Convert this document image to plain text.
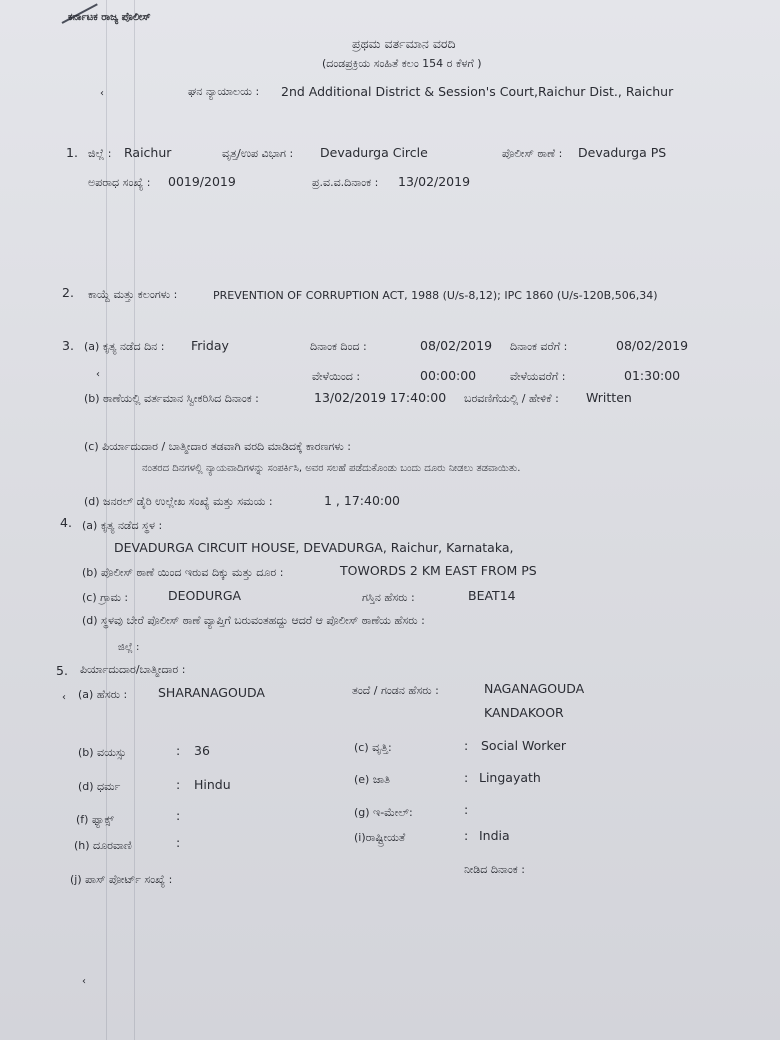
ಕರ್ನಾಟಕ ರಾಜ್ಯ ಪೊಲೀಸ್
ಪ್ರಥಮ ವರ್ತಮಾನ ವರದಿ
(ದಂಡಪ್ರಕ್ರಿಯ ಸಂಹಿತೆ ಕಲಂ 154 ರ ಕೆಳಗೆ )
‹	ಘನ ನ್ಯಾಯಾಲಯ : 2nd Additional District & Session's Court,Raichur Dist., Raichur
1. ಜಿಲ್ಲೆ : Raichur	ವೃತ್ತ/ಉಪ ವಿಭಾಗ : Devadurga Circle	ಪೊಲೀಸ್ ಠಾಣೆ : Devadurga PS
ಅಪರಾಧ ಸಂಖ್ಯೆ : 0019/2019	ಪ್ರ.ವ.ವ.ದಿನಾಂಕ : 13/02/2019
2. ಕಾಯ್ದೆ ಮತ್ತು ಕಲಂಗಳು :	PREVENTION OF CORRUPTION ACT, 1988 (U/s-8,12); IPC 1860 (U/s-120B,506,34)
3. (a) ಕೃತ್ಯ ನಡೆದ ದಿನ : Friday	ದಿನಾಂಕ ದಿಂದ :	08/02/2019 ದಿನಾಂಕ ವರೆಗೆ :	08/02/2019
‹	ವೇಳೆಯಿಂದ :	00:00:00	ವೇಳೆಯವರೆಗೆ :	01:30:00
(b) ಠಾಣೆಯಲ್ಲಿ ವರ್ತಮಾನ ಸ್ವೀಕರಿಸಿದ ದಿನಾಂಕ :	13/02/2019 17:40:00 ಬರವಣಿಗೆಯಲ್ಲಿ / ಹೇಳಿಕೆ : Written
(c) ಪಿರ್ಯಾದುದಾರ / ಬಾತ್ಮೀದಾರ ತಡವಾಗಿ ವರದಿ ಮಾಡಿದಕ್ಕೆ ಕಾರಣಗಳು :
ನಂತರದ ದಿನಗಳಲ್ಲಿ ನ್ಯಾಯವಾದಿಗಳನ್ನು ಸಂಪರ್ಕಿಸಿ, ಅವರ ಸಲಹೆ ಪಡೆದುಕೊಂಡು ಬಂದು ದೂರು ನೀಡಲು ತಡವಾಯಿತು.
(d) ಜನರಲ್ ಡೈರಿ ಉಲ್ಲೇಖ ಸಂಖ್ಯೆ ಮತ್ತು ಸಮಯ :	1 , 17:40:00
4. (a) ಕೃತ್ಯ ನಡೆದ ಸ್ಥಳ :
DEVADURGA CIRCUIT HOUSE, DEVADURGA, Raichur, Karnataka,
(b) ಪೊಲೀಸ್ ಠಾಣೆ ಯಿಂದ ಇರುವ ದಿಕ್ಕು ಮತ್ತು ದೂರ :	TOWORDS 2 KM EAST FROM PS
(c) ಗ್ರಾಮ :	DEODURGA	ಗಸ್ತಿನ ಹೆಸರು :	BEAT14
(d) ಸ್ಥಳವು ಬೇರೆ ಪೊಲೀಸ್ ಠಾಣೆ ವ್ಯಾಪ್ತಿಗೆ ಬರುವಂತಹದ್ದು ಆದರೆ ಆ ಪೊಲೀಸ್ ಠಾಣೆಯ ಹೆಸರು :
ಜಿಲ್ಲೆ :
5. ಪಿರ್ಯಾದುದಾರ/ಬಾತ್ಮೀದಾರ :
‹ (a) ಹೆಸರು : SHARANAGOUDA	ತಂದೆ / ಗಂಡನ ಹೆಸರು :	NAGANAGOUDA
KANDAKOOR
(b) ವಯಸ್ಸು	: 36	(c) ವೃತ್ತಿ:	: Social Worker
(d) ಧರ್ಮ	: Hindu	(e) ಜಾತಿ	: Lingayath
(f) ಫ್ಯಾಕ್ಸ್	:	(g) ಇ-ಮೇಲ್:	:
(h) ದೂರವಾಣಿ	:	(i)ರಾಷ್ಟ್ರೀಯತೆ	: India
ನೀಡಿದ ದಿನಾಂಕ :
(j) ಪಾಸ್ ಪೋರ್ಟ್ ಸಂಖ್ಯೆ :
‹
